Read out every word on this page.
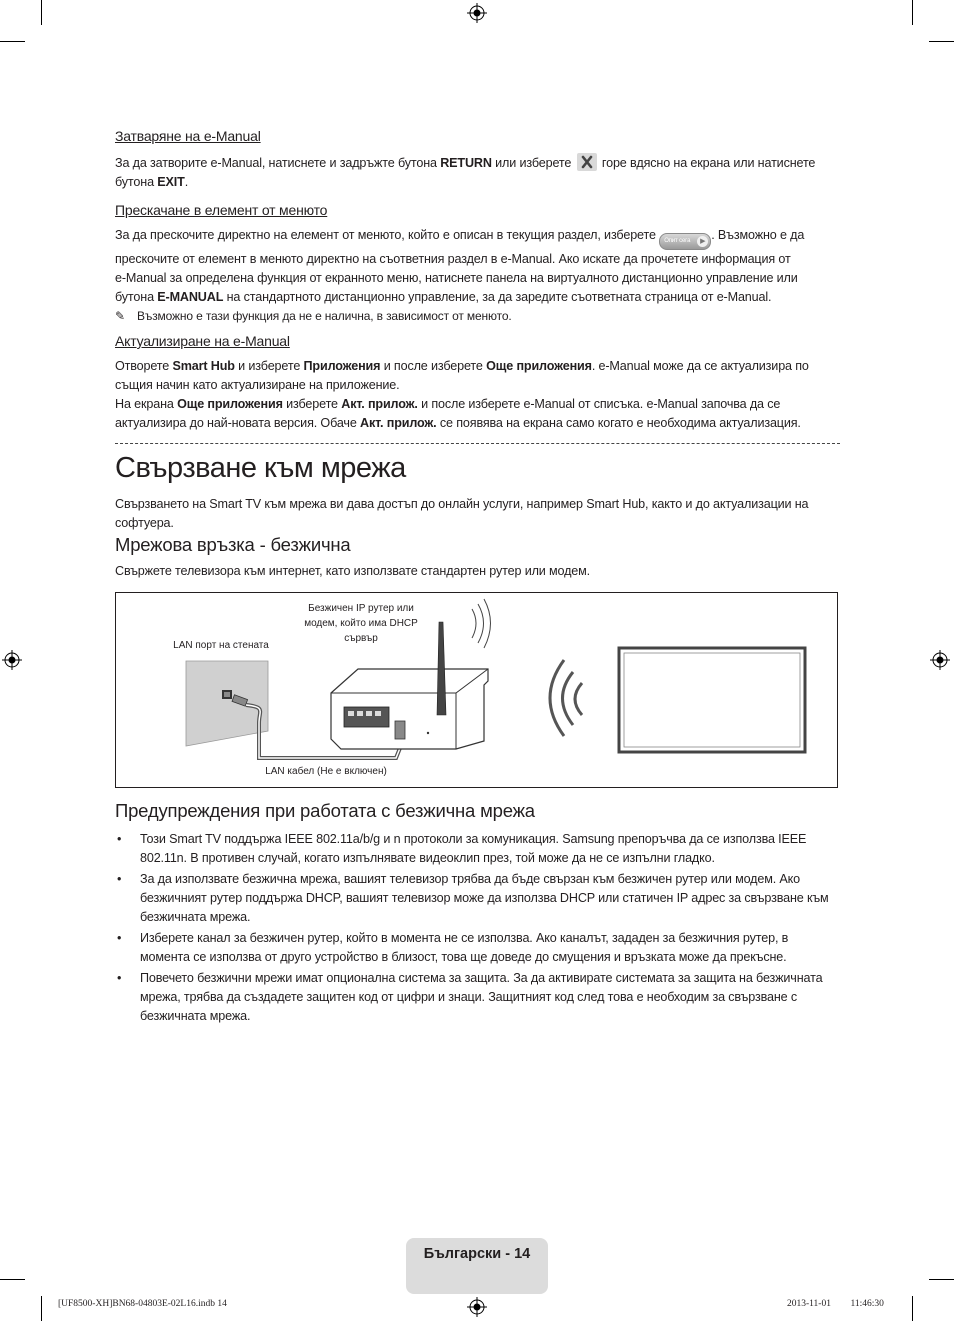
Затваряне на e-Manual
За да затворите e-Manual, натиснете и задръжте бутона RETURN или изберете  горе вдясно на екрана или натиснете
бутона EXIT.
Прескачане в елемент от менюто
За да прескочите директно на елемент от менюто, който е описан в текущия раздел, изберете Опит сега	▶ . Възможно е да
прескочите от елемент в менюто директно на съответния раздел в e-Manual. Ако искате да прочетете информация от
e-Manual за определена функция от екранното меню, натиснете панела на виртуалното дистанционно управление или
бутона E-MANUAL на стандартното дистанционно управление, за да заредите съответната страница от e-Manual.
✎ Възможно е тази функция да не е налична, в зависимост от менюто.
Актуализиране на e-Manual
Отворете Smart Hub и изберете Приложения и после изберете Още приложения. e-Manual може да се актуализира по
същия начин като актуализиране на приложение.
На екрана Още приложения изберете Акт. прилож. и после изберете e-Manual от списъка. e-Manual започва да се
актуализира до най-новата версия. Обаче Акт. прилож. се появява на екрана само когато е необходима актуализация.
Свързване към мрежа
Свързването на Smart TV към мрежа ви дава достъп до онлайн услуги, например Smart Hub, както и до актуализации на
софтуера.
Мрежова връзка - безжична
Свържете телевизора към интернет, като използвате стандартен рутер или модем.
LAN порт на стената
Безжичен IP рутер или
модем, който има DHCP
сървър
LAN кабел (Не е включен)
Предупреждения при работата с безжична мрежа
• Този Smart TV поддържа IEEE 802.11a/b/g и n протоколи за комуникация. Samsung препоръчва да се използва IEEE
802.11n. В противен случай, когато изпълнявате видеоклип през, той може да не се изпълни гладко.
• За да използвате безжична мрежа, вашият телевизор трябва да бъде свързан към безжичен рутер или модем. Ако
безжичният рутер поддържа DHCP, вашият телевизор може да използва DHCP или статичен IP адрес за свързване към
безжичната мрежа.
• Изберете канал за безжичен рутер, който в момента не се използва. Ако каналът, зададен за безжичния рутер, в
момента се използва от друго устройство в близост, това ще доведе до смущения и връзката може да прекъсне.
• Повечето безжични мрежи имат опционална система за защита. За да активирате системата за защита на безжичната
мрежа, трябва да създадете защитен код от цифри и знаци. Защитният код след това е необходим за свързване с
безжичната мрежа.
Български - 14
[UF8500-XH]BN68-04803E-02L16.indb 14	2013-11-01 ￿￿ 11:46:30
